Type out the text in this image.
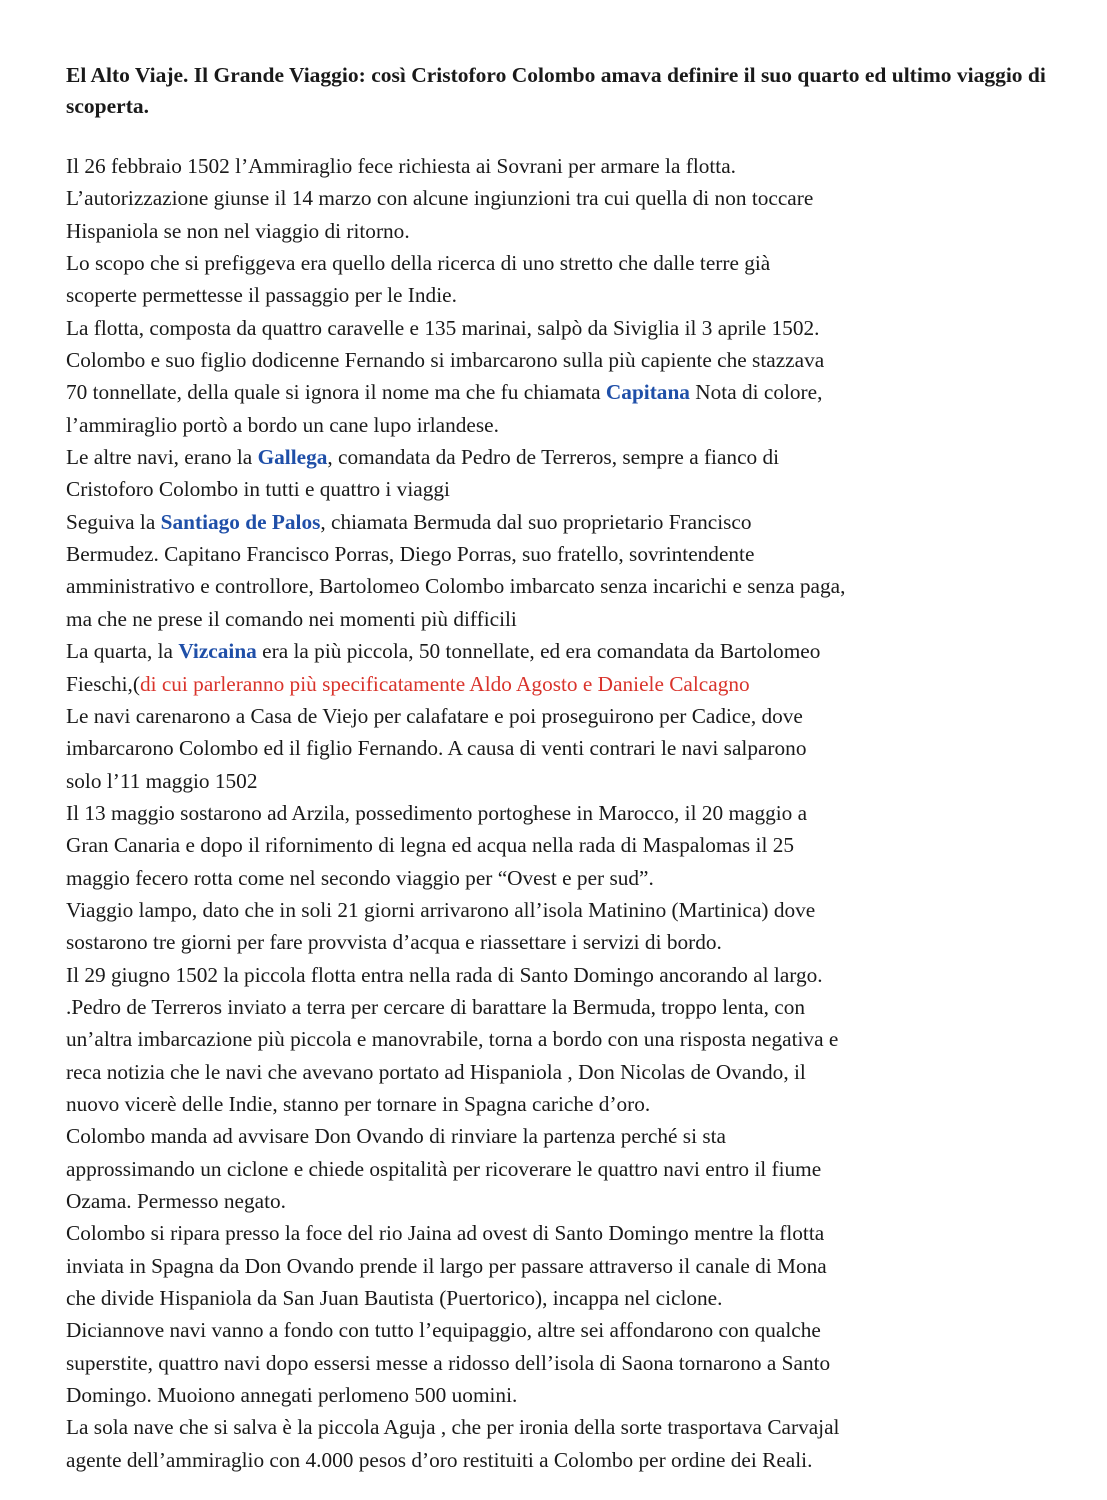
El Alto Viaje. Il Grande Viaggio: così Cristoforo Colombo amava definire il suo quarto ed ultimo viaggio di scoperta.
Il 26 febbraio 1502 l’Ammiraglio fece richiesta ai Sovrani per armare la flotta.
L’autorizzazione giunse il 14 marzo con alcune ingiunzioni tra cui quella di non toccare
Hispaniola se non nel viaggio di ritorno.
Lo scopo che si prefiggeva era quello della ricerca di uno stretto che dalle terre già
scoperte permettesse il passaggio per le Indie.
La flotta, composta da quattro caravelle e 135 marinai, salpò da Siviglia il 3 aprile 1502.
Colombo e suo figlio dodicenne Fernando si imbarcarono sulla più capiente che stazzava
70 tonnellate, della quale si ignora il nome ma che fu chiamata Capitana Nota di colore,
l’ammiraglio portò a bordo un cane lupo irlandese.
Le altre navi, erano la Gallega, comandata da Pedro de Terreros, sempre a fianco di
Cristoforo Colombo in tutti e quattro i viaggi
Seguiva la Santiago de Palos, chiamata Bermuda dal suo proprietario Francisco
Bermudez. Capitano Francisco Porras, Diego Porras, suo fratello, sovrintendente
amministrativo e controllore, Bartolomeo Colombo imbarcato senza incarichi e senza paga,
ma che ne prese il comando nei momenti più difficili
La quarta, la Vizcaina era la più piccola, 50 tonnellate, ed era comandata da Bartolomeo
Fieschi,(di cui parleranno più specificatamente Aldo Agosto e Daniele Calcagno
Le navi carenarono a Casa de Viejo per calafatare e poi proseguirono per Cadice, dove
imbarcarono Colombo ed il figlio Fernando. A causa di venti contrari le navi salparono
solo l’11 maggio 1502
Il 13 maggio sostarono ad Arzila, possedimento portoghese in Marocco, il 20 maggio a
Gran Canaria e dopo il rifornimento di legna ed acqua nella rada di Maspalomas il 25
maggio fecero rotta come nel secondo viaggio per “Ovest e per sud”.
Viaggio lampo, dato che in soli 21 giorni arrivarono all’isola Matinino (Martinica) dove
sostarono tre giorni per fare provvista d’acqua e riassettare i servizi di bordo.
Il 29 giugno 1502 la piccola flotta entra nella rada di Santo Domingo ancorando al largo.
.Pedro de Terreros inviato a terra per cercare di barattare la Bermuda, troppo lenta, con
un’altra imbarcazione più piccola e manovrabile, torna a bordo con una risposta negativa e
reca notizia che le navi che avevano portato ad Hispaniola , Don Nicolas de Ovando, il
nuovo vicerè delle Indie, stanno per tornare in Spagna cariche d’oro.
Colombo manda ad avvisare Don Ovando di rinviare la partenza perché si sta
approssimando un ciclone e chiede ospitalità per ricoverare le quattro navi entro il fiume
Ozama. Permesso negato.
Colombo si ripara presso la foce del rio Jaina ad ovest di Santo Domingo mentre la flotta
inviata in Spagna da Don Ovando prende il largo per passare attraverso il canale di Mona
che divide Hispaniola da San Juan Bautista (Puertorico), incappa nel ciclone.
Diciannove navi vanno a fondo con tutto l’equipaggio, altre sei affondarono con qualche
superstite, quattro navi dopo essersi messe a ridosso dell’isola di Saona tornarono a Santo
Domingo. Muoiono annegati perlomeno 500 uomini.
La sola nave che si salva è la piccola Aguja , che per ironia della sorte trasportava Carvajal
agente dell’ammiraglio con 4.000 pesos d’oro restituiti a Colombo per ordine dei Reali.
